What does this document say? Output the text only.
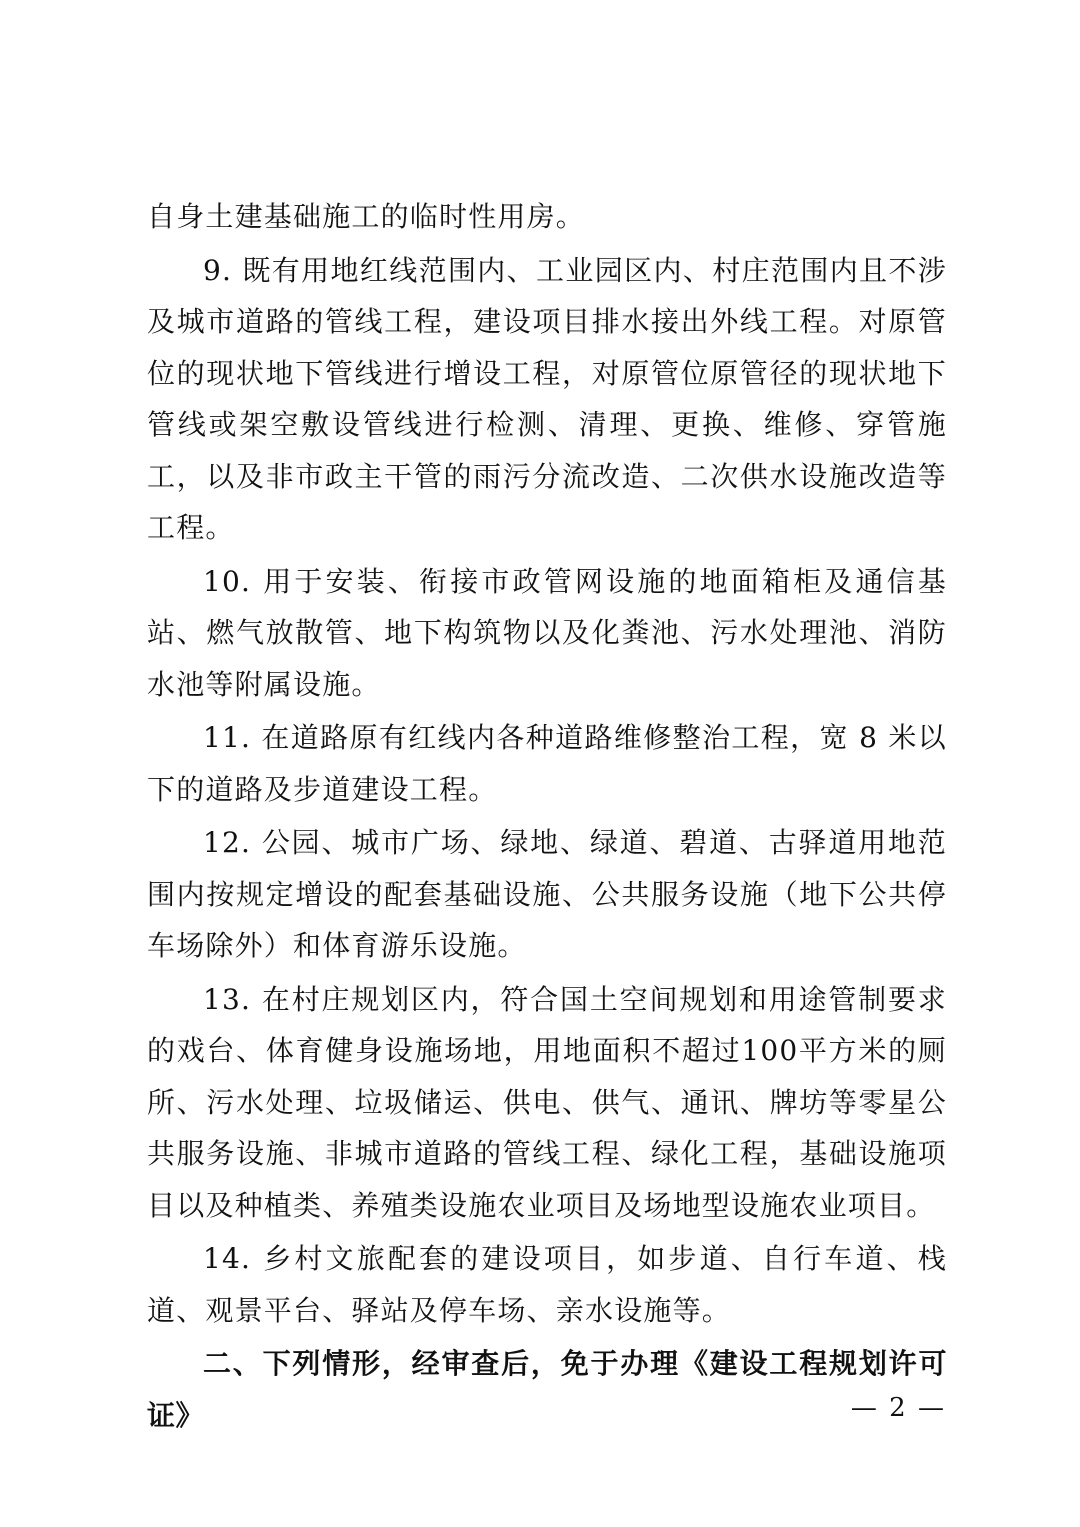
自身土建基础施工的临时性用房。

9. 既有用地红线范围内、工业园区内、村庄范围内且不涉及城市道路的管线工程，建设项目排水接出外线工程。对原管位的现状地下管线进行增设工程，对原管位原管径的现状地下管线或架空敷设管线进行检测、清理、更换、维修、穿管施工，以及非市政主干管的雨污分流改造、二次供水设施改造等工程。

10. 用于安装、衔接市政管网设施的地面箱柜及通信基站、燃气放散管、地下构筑物以及化粪池、污水处理池、消防水池等附属设施。

11. 在道路原有红线内各种道路维修整治工程，宽 8 米以下的道路及步道建设工程。

12. 公园、城市广场、绿地、绿道、碧道、古驿道用地范围内按规定增设的配套基础设施、公共服务设施（地下公共停车场除外）和体育游乐设施。

13. 在村庄规划区内，符合国土空间规划和用途管制要求的戏台、体育健身设施场地，用地面积不超过100平方米的厕所、污水处理、垃圾储运、供电、供气、通讯、牌坊等零星公共服务设施、非城市道路的管线工程、绿化工程，基础设施项目以及种植类、养殖类设施农业项目及场地型设施农业项目。

14. 乡村文旅配套的建设项目，如步道、自行车道、栈道、观景平台、驿站及停车场、亲水设施等。

二、下列情形，经审查后，免于办理《建设工程规划许可证》	— 2 —
